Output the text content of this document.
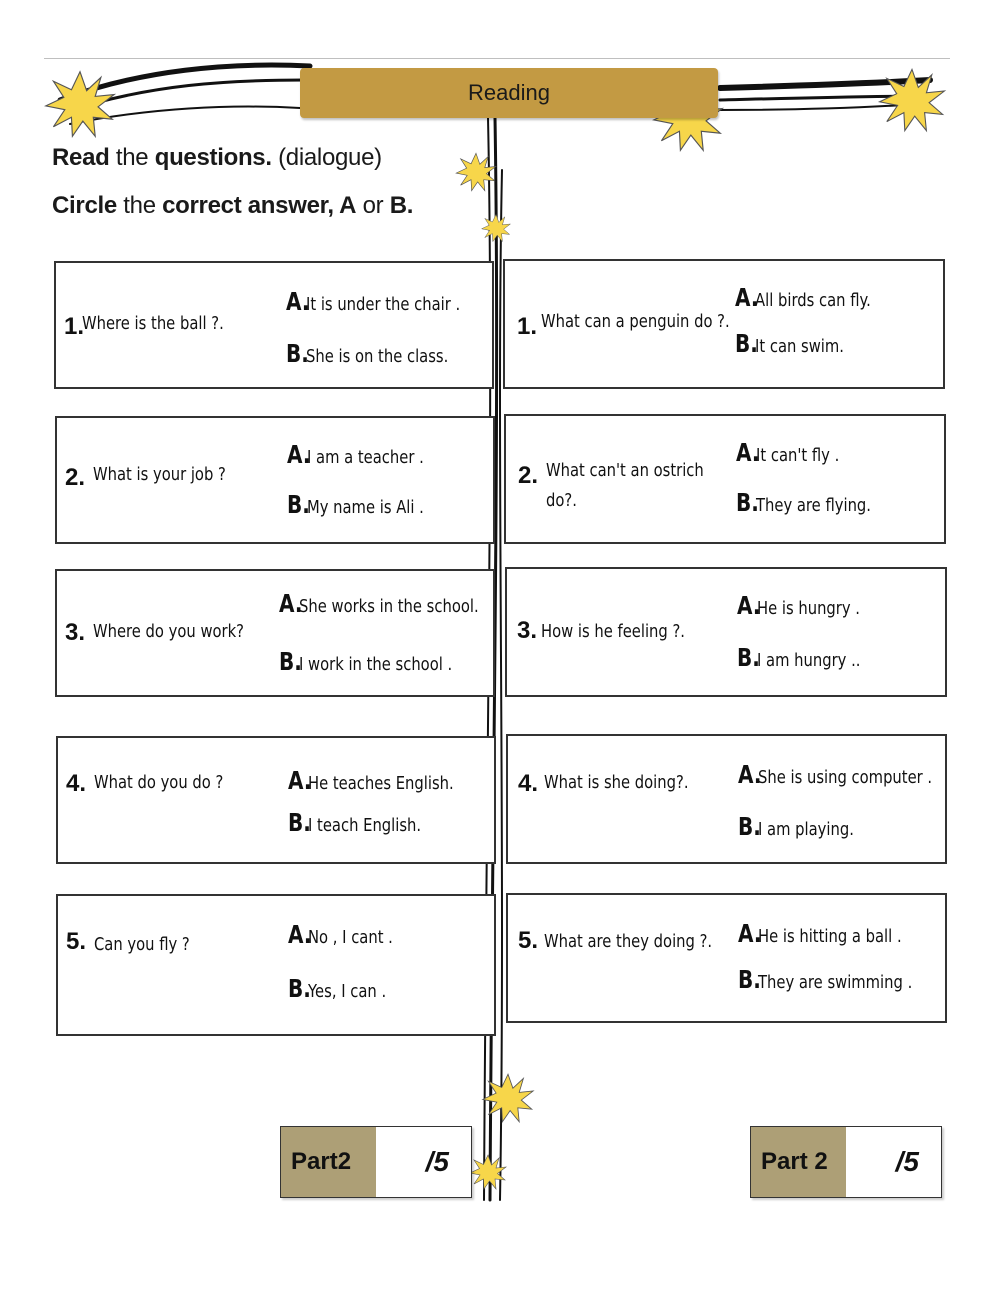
Reading
Read the questions. (dialogue)
Circle the correct answer, A or B.
1.
Where is the ball ?.
A.It is under the chair .
B.She is on the class.
2. What is your job ?
A.I am a teacher .
B.My name is Ali .
3. Where do you work?
A.She works in the school.
B.I work in the school .
4. What do you do ?	A.He teaches English.
B.I teach English.
5. Can you fly ?	A.No , I cant .
B.Yes, I can .
1. What can a penguin do ?.
A.All birds can fly.
B.It can swim.
2. What can't an ostrich do?.
A.It can't fly .
B.They are flying.
3. How is he feeling ?.
A.He is hungry .
B.I am hungry ..
4. What is she doing?. A.She is using computer .
B.I am playing.
5. What are they doing ?. A.He is hitting a ball .
B.They are swimming .
Part2	/5	Part 2	/5
